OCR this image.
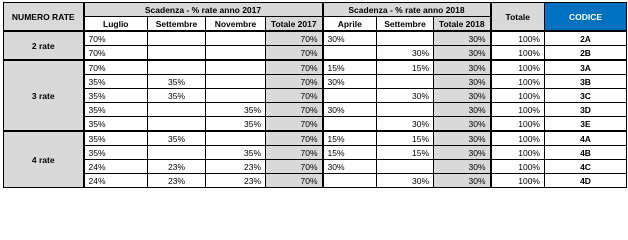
NUMERO RATE	Scadenza - % rate anno 2017				Scadenza - % rate anno 2018			Totale	CODICE
	Luglio	Settembre	Novembre	Totale 2017	Aprile	Settembre	Totale 2018		
2 rate	70%			70%	30%		30%	100%	2A
	70%			70%		30%	30%	100%	2B
3 rate	70%			70%	15%	15%	30%	100%	3A
	35%	35%		70%	30%		30%	100%	3B
	35%	35%		70%		30%	30%	100%	3C
	35%		35%	70%	30%		30%	100%	3D
	35%		35%	70%		30%	30%	100%	3E
4 rate	35%	35%		70%	15%	15%	30%	100%	4A
	35%		35%	70%	15%	15%	30%	100%	4B
	24%	23%	23%	70%	30%		30%	100%	4C
	24%	23%	23%	70%		30%	30%	100%	4D
